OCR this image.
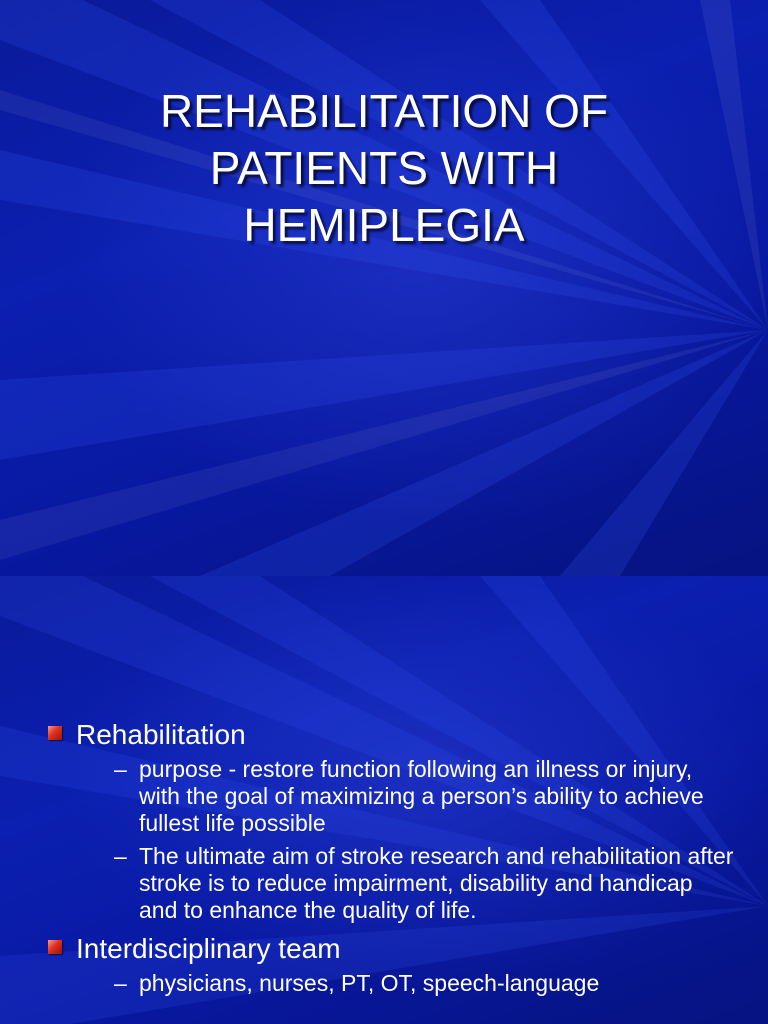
REHABILITATION OF
PATIENTS WITH
HEMIPLEGIA
Rehabilitation
– purpose - restore function following an illness or injury, with the goal of maximizing a person’s ability to achieve fullest life possible
– The ultimate aim of stroke research and rehabilitation after stroke is to reduce impairment, disability and handicap and to enhance the quality of life.
Interdisciplinary team
– physicians, nurses, PT, OT, speech-language
